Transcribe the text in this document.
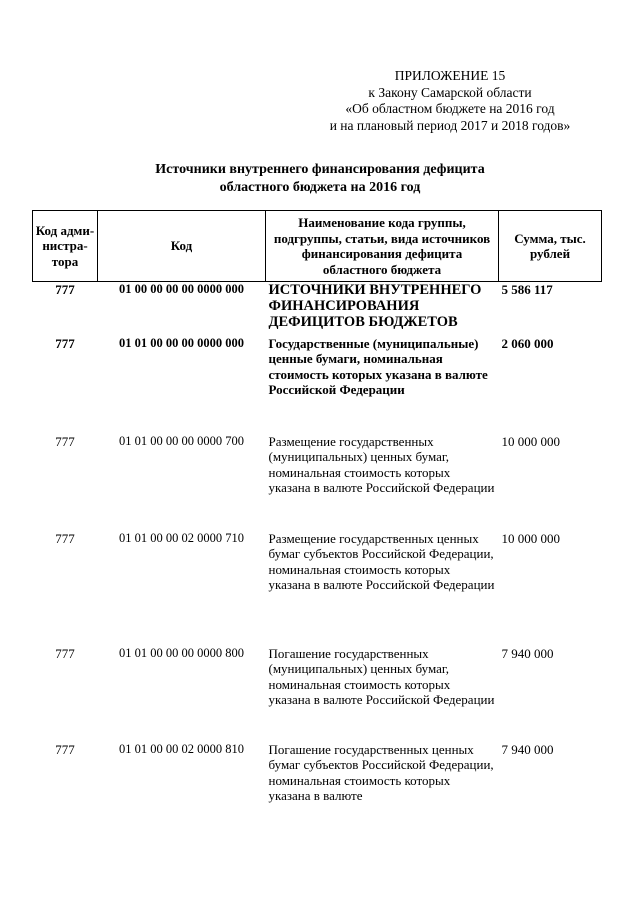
ПРИЛОЖЕНИЕ 15
к Закону Самарской области
«Об областном бюджете на 2016 год
и на плановый период 2017 и 2018 годов»
Источники внутреннего финансирования дефицита
областного бюджета на 2016 год
Код адми-нистра-тора	Код	Наименование кода группы, подгруппы, статьи, вида источников финансирования дефицита областного бюджета	Сумма, тыс. рублей
777	01 00 00 00 00 0000 000	ИСТОЧНИКИ ВНУТРЕННЕГО ФИНАНСИРОВАНИЯ ДЕФИЦИТОВ БЮДЖЕТОВ	5 586 117
777	01 01 00 00 00 0000 000	Государственные (муниципальные) ценные бумаги, номинальная стоимость которых указана в валюте Российской Федерации	2 060 000
777	01 01 00 00 00 0000 700	Размещение государственных (муниципальных) ценных бумаг, номинальная стоимость которых указана в валюте Российской Федерации	10 000 000
777	01 01 00 00 02 0000 710	Размещение государственных ценных бумаг субъектов Российской Федерации, номинальная стоимость которых указана в валюте Российской Федерации	10 000 000
777	01 01 00 00 00 0000 800	Погашение государственных (муниципальных) ценных бумаг, номинальная стоимость которых указана в валюте Российской Федерации	7 940 000
777	01 01 00 00 02 0000 810	Погашение государственных ценных бумаг субъектов Российской Федерации, номинальная стоимость которых указана в валюте	7 940 000
